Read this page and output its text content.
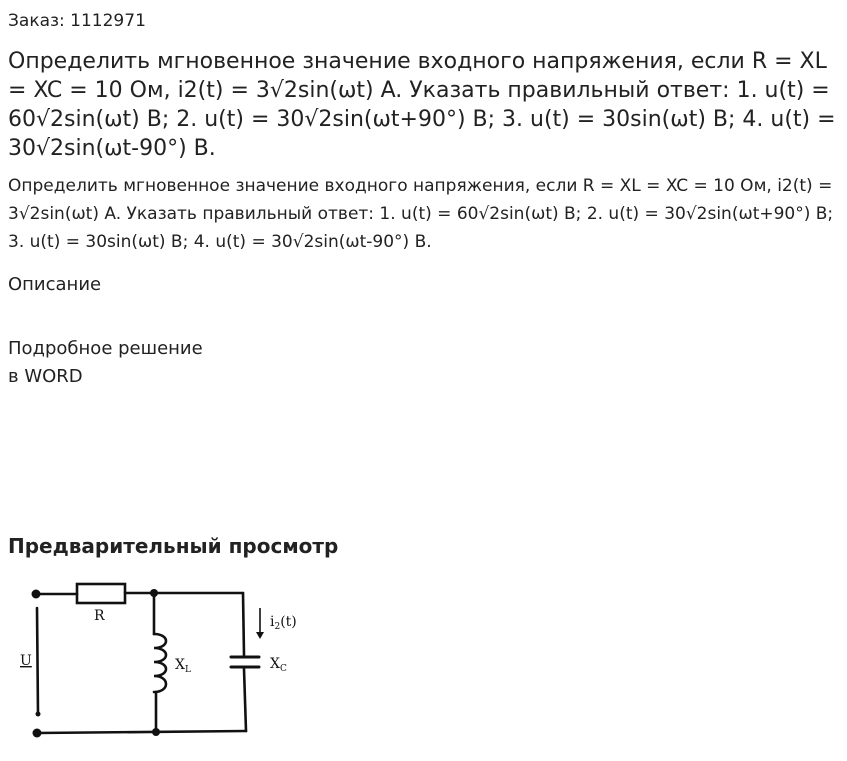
Заказ: 1112971
Определить мгновенное значение входного напряжения, если R = XL = XC = 10 Ом, i2(t) = 3√2sin(ωt) A. Указать правильный ответ: 1. u(t) = 60√2sin(ωt) B; 2. u(t) = 30√2sin(ωt+90°) B; 3. u(t) = 30sin(ωt) B; 4. u(t) = 30√2sin(ωt-90°) B.

Определить мгновенное значение входного напряжения, если R = XL = XC = 10 Ом, i2(t) = 3√2sin(ωt) A. Указать правильный ответ: 1. u(t) = 60√2sin(ωt) B; 2. u(t) = 30√2sin(ωt+90°) B; 3. u(t) = 30sin(ωt) B; 4. u(t) = 30√2sin(ωt-90°) B.

Описание
Подробное решение
в WORD
Предварительный просмотр
R
$X_L$	$X_C$
U
$i_2(t)$
